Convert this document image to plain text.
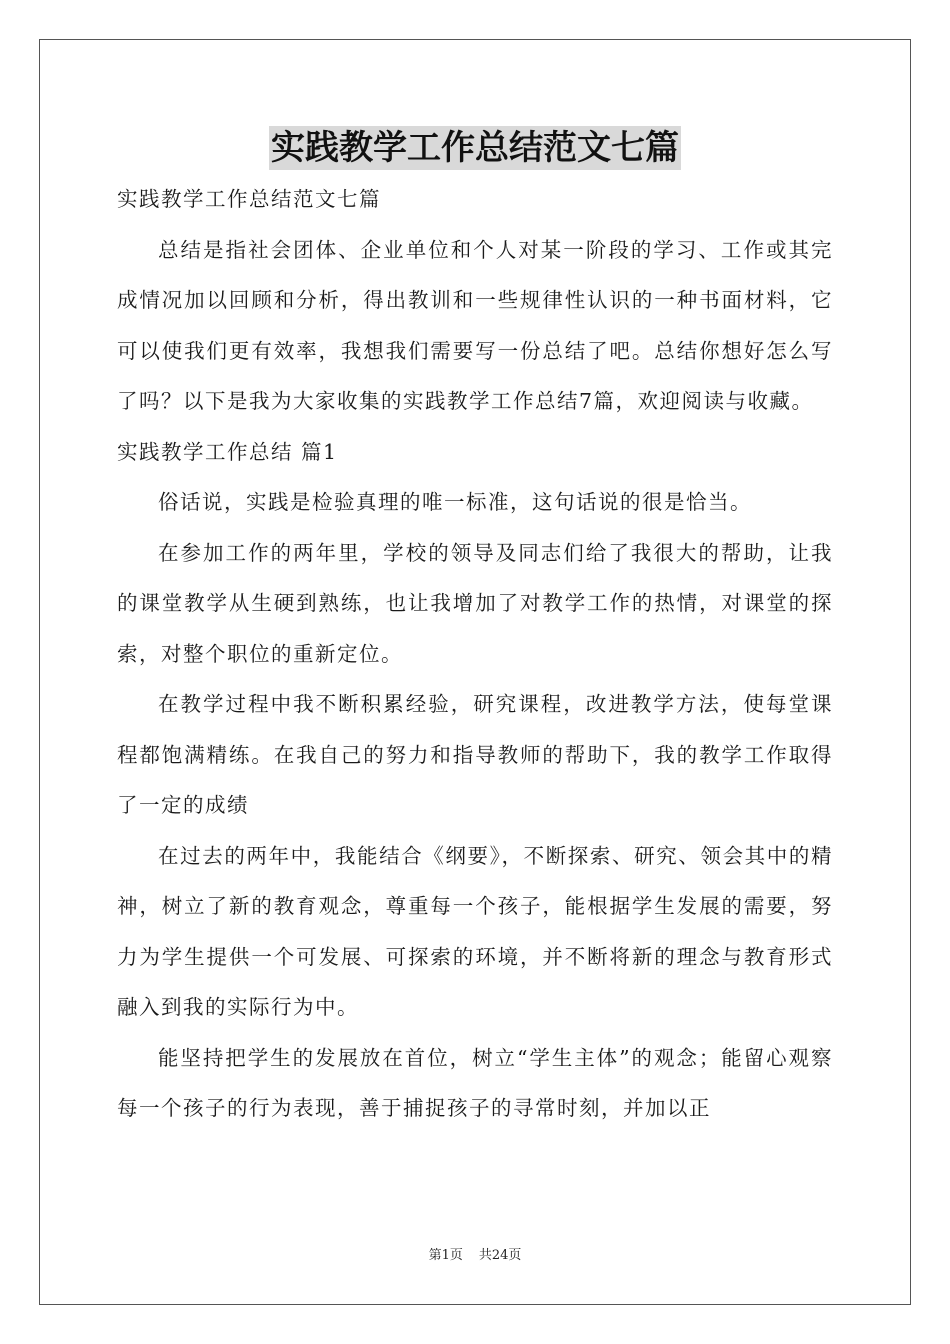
实践教学工作总结范文七篇

实践教学工作总结范文七篇

总结是指社会团体、企业单位和个人对某一阶段的学习、工作或其完成情况加以回顾和分析，得出教训和一些规律性认识的一种书面材料，它可以使我们更有效率，我想我们需要写一份总结了吧。总结你想好怎么写了吗？以下是我为大家收集的实践教学工作总结7篇，欢迎阅读与收藏。

实践教学工作总结 篇1

俗话说，实践是检验真理的唯一标准，这句话说的很是恰当。

在参加工作的两年里，学校的领导及同志们给了我很大的帮助，让我的课堂教学从生硬到熟练，也让我增加了对教学工作的热情，对课堂的探索，对整个职位的重新定位。

在教学过程中我不断积累经验，研究课程，改进教学方法，使每堂课程都饱满精练。在我自己的努力和指导教师的帮助下，我的教学工作取得了一定的成绩

在过去的两年中，我能结合《纲要》，不断探索、研究、领会其中的精神，树立了新的教育观念，尊重每一个孩子，能根据学生发展的需要，努力为学生提供一个可发展、可探索的环境，并不断将新的理念与教育形式融入到我的实际行为中。

能坚持把学生的发展放在首位，树立“学生主体”的观念；能留心观察每一个孩子的行为表现，善于捕捉孩子的寻常时刻，并加以正

第1页 共24页
